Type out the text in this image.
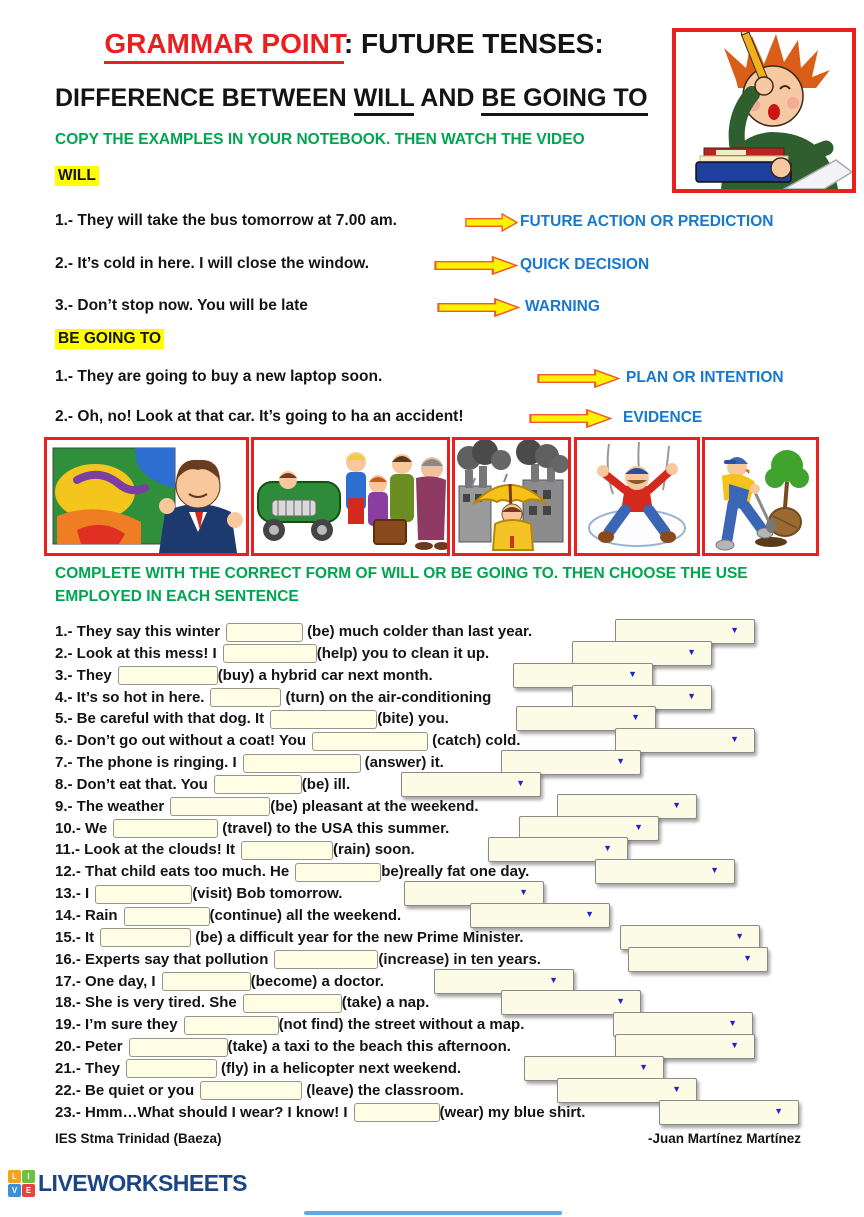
GRAMMAR POINT: FUTURE TENSES:
DIFFERENCE BETWEEN WILL AND BE GOING TO
COPY THE EXAMPLES IN YOUR NOTEBOOK. THEN WATCH THE VIDEO
WILL
1.- They will take the bus tomorrow at 7.00 am.	FUTURE ACTION OR PREDICTION
2.- It’s cold in here. I will close the window.	QUICK DECISION
3.- Don’t stop now. You will be late	WARNING
BE GOING TO
1.- They are going to buy a new laptop soon.	PLAN OR INTENTION
2.- Oh, no! Look at that car. It’s going to ha an accident!	EVIDENCE
COMPLETE WITH THE CORRECT FORM OF WILL OR BE GOING TO. THEN CHOOSE THE USE EMPLOYED IN EACH SENTENCE
1.- They say this winter	(be) much colder than last year.	▼
2.- Look at this mess! I	(help) you to clean it up.	▼
3.- They	(buy) a hybrid car next month.	▼
4.- It’s so hot in here.	(turn) on the air-conditioning	▼
5.- Be careful with that dog. It	(bite) you.	▼
6.- Don’t go out without a coat! You	(catch) cold.	▼
7.- The phone is ringing. I	(answer) it.	▼
8.- Don’t eat that. You	(be) ill.	▼
9.- The weather	(be) pleasant at the weekend.	▼
10.- We	(travel) to the USA this summer.	▼
11.- Look at the clouds! It	(rain) soon.	▼
12.- That child eats too much. He	be)really fat one day.	▼
13.- I	(visit) Bob tomorrow.	▼
14.- Rain	(continue) all the weekend.	▼
15.- It	(be) a difficult year for the new Prime Minister.	▼
16.- Experts say that pollution	(increase) in ten years.	▼
17.- One day, I	(become) a doctor.	▼
18.- She is very tired. She	(take) a nap.	▼
19.- I’m sure they	(not find) the street without a map.	▼
20.- Peter	(take) a taxi to the beach this afternoon.	▼
21.- They	(fly) in a helicopter next weekend.	▼
22.- Be quiet or you	(leave) the classroom.	▼
23.- Hmm…What should I wear? I know! I	(wear) my blue shirt.	▼
IES Stma Trinidad (Baeza)	-Juan Martínez Martínez
L	I
V	E LIVEWORKSHEETS
